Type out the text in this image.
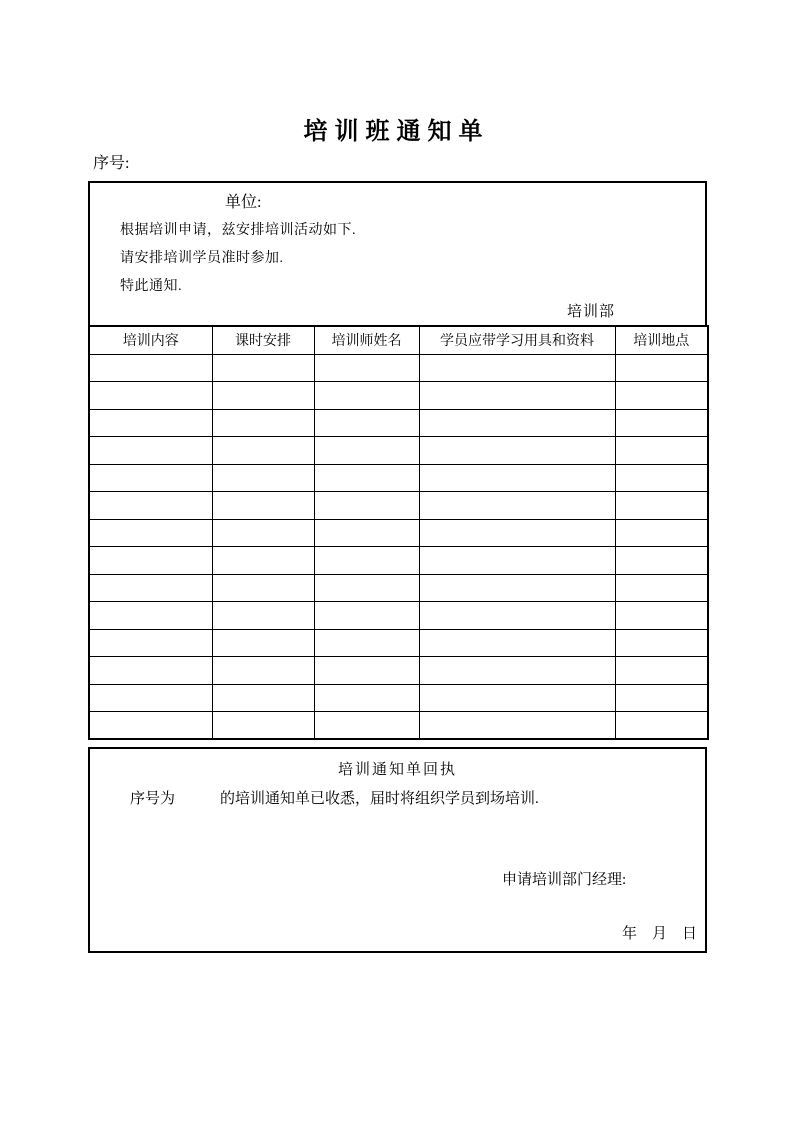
培训班通知单
序号:
单位:
根据培训申请，兹安排培训活动如下.
请安排培训学员准时参加.
特此通知.
培训部
培训内容	课时安排	培训师姓名	学员应带学习用具和资料	培训地点

培训通知单回执
序号为	的培训通知单已收悉，届时将组织学员到场培训.
申请培训部门经理:
年　月　日
